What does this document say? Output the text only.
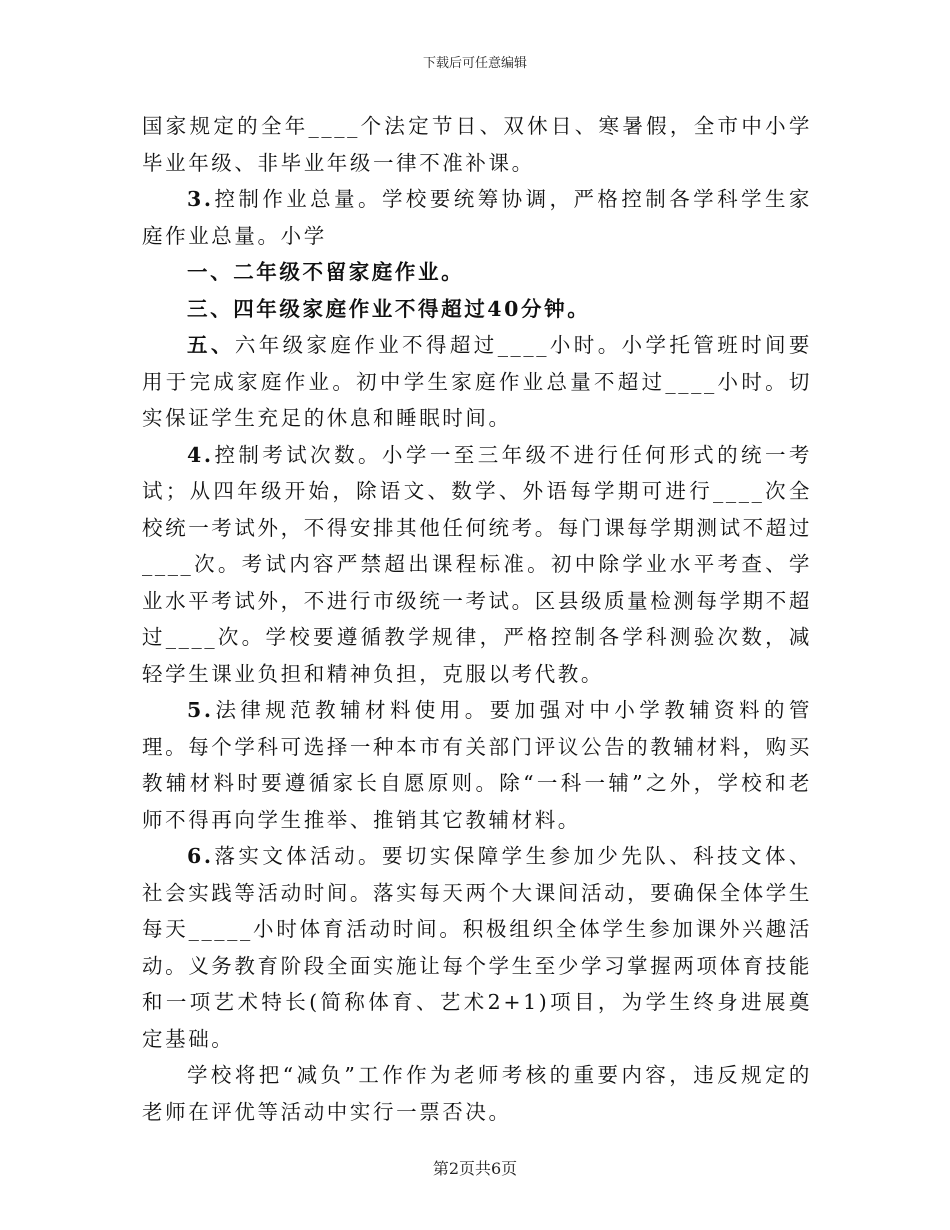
下载后可任意编辑

国家规定的全年____个法定节日、双休日、寒暑假，全市中小学毕业年级、非毕业年级一律不准补课。

3.控制作业总量。学校要统筹协调，严格控制各学科学生家庭作业总量。小学

一、二年级不留家庭作业。

三、四年级家庭作业不得超过40分钟。

五、六年级家庭作业不得超过____小时。小学托管班时间要用于完成家庭作业。初中学生家庭作业总量不超过____小时。切实保证学生充足的休息和睡眠时间。

4.控制考试次数。小学一至三年级不进行任何形式的统一考试；从四年级开始，除语文、数学、外语每学期可进行____次全校统一考试外，不得安排其他任何统考。每门课每学期测试不超过____次。考试内容严禁超出课程标准。初中除学业水平考查、学业水平考试外，不进行市级统一考试。区县级质量检测每学期不超过____次。学校要遵循教学规律，严格控制各学科测验次数，减轻学生课业负担和精神负担，克服以考代教。

5.法律规范教辅材料使用。要加强对中小学教辅资料的管理。每个学科可选择一种本市有关部门评议公告的教辅材料，购买教辅材料时要遵循家长自愿原则。除“一科一辅”之外，学校和老师不得再向学生推举、推销其它教辅材料。

6.落实文体活动。要切实保障学生参加少先队、科技文体、社会实践等活动时间。落实每天两个大课间活动，要确保全体学生每天_____小时体育活动时间。积极组织全体学生参加课外兴趣活动。义务教育阶段全面实施让每个学生至少学习掌握两项体育技能和一项艺术特长(简称体育、艺术2+1)项目，为学生终身进展奠定基础。

学校将把“减负”工作作为老师考核的重要内容，违反规定的老师在评优等活动中实行一票否决。

第2页共6页
